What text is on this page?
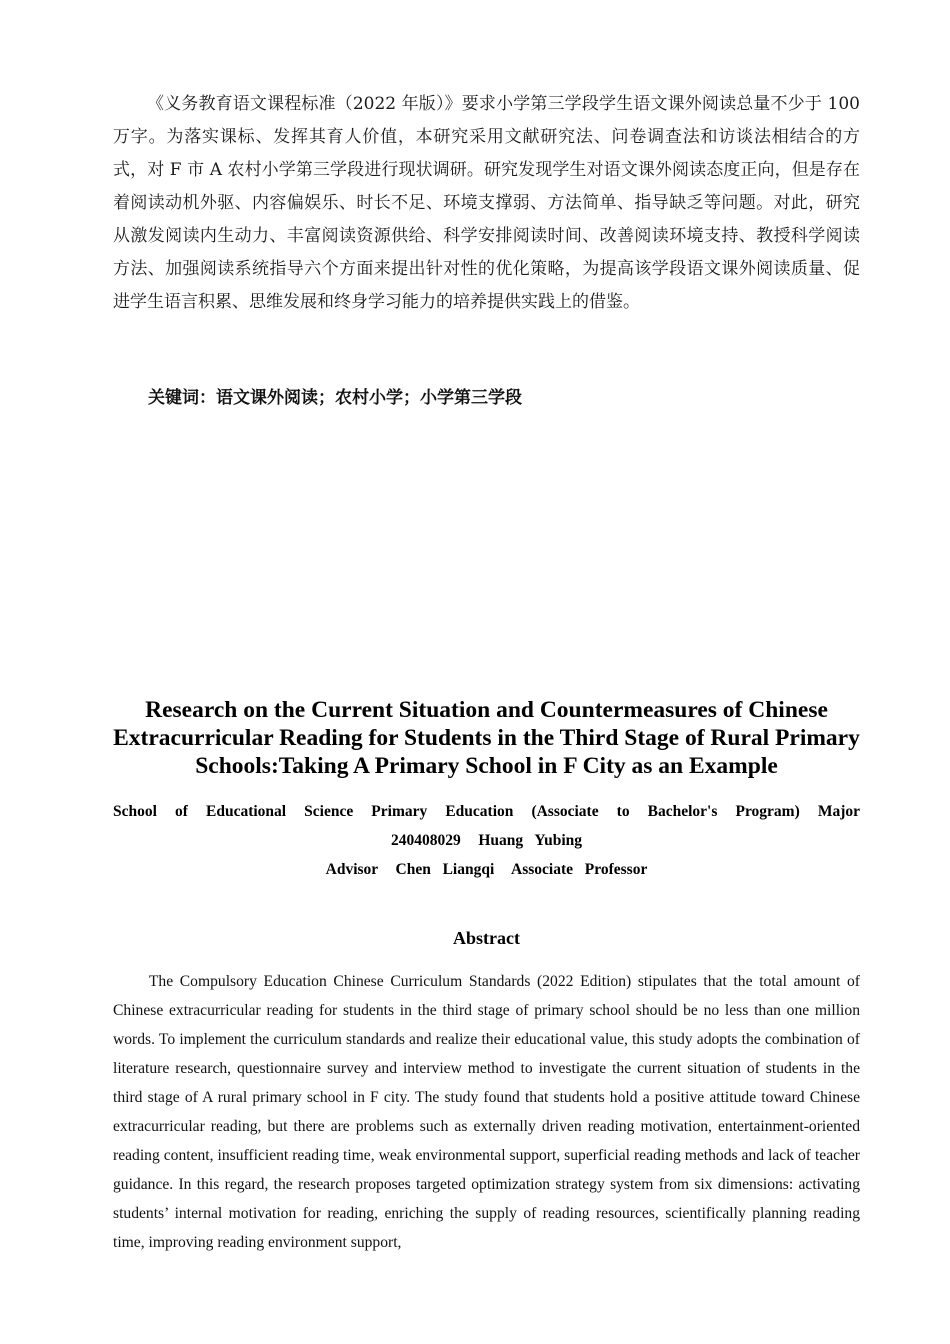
《义务教育语文课程标准（2022 年版）》要求小学第三学段学生语文课外阅读总量不少于 100 万字。为落实课标、发挥其育人价值，本研究采用文献研究法、问卷调查法和访谈法相结合的方式，对 F 市 A 农村小学第三学段进行现状调研。研究发现学生对语文课外阅读态度正向，但是存在着阅读动机外驱、内容偏娱乐、时长不足、环境支撑弱、方法简单、指导缺乏等问题。对此，研究从激发阅读内生动力、丰富阅读资源供给、科学安排阅读时间、改善阅读环境支持、教授科学阅读方法、加强阅读系统指导六个方面来提出针对性的优化策略，为提高该学段语文课外阅读质量、促进学生语言积累、思维发展和终身学习能力的培养提供实践上的借鉴。

关键词：语文课外阅读；农村小学；小学第三学段

Research on the Current Situation and Countermeasures of Chinese Extracurricular Reading for Students in the Third Stage of Rural Primary Schools:Taking A Primary School in F City as an Example
School of Educational Science Primary Education (Associate to Bachelor's Program) Major
240408029   Huang  Yubing
Advisor   Chen  Liangqi   Associate  Professor
Abstract

The Compulsory Education Chinese Curriculum Standards (2022 Edition) stipulates that the total amount of Chinese extracurricular reading for students in the third stage of primary school should be no less than one million words. To implement the curriculum standards and realize their educational value, this study adopts the combination of literature research, questionnaire survey and interview method to investigate the current situation of students in the third stage of A rural primary school in F city. The study found that students hold a positive attitude toward Chinese extracurricular reading, but there are problems such as externally driven reading motivation, entertainment-oriented reading content, insufficient reading time, weak environmental support, superficial reading methods and lack of teacher guidance. In this regard, the research proposes targeted optimization strategy system from six dimensions: activating students’ internal motivation for reading, enriching the supply of reading resources, scientifically planning reading time, improving reading environment support,
